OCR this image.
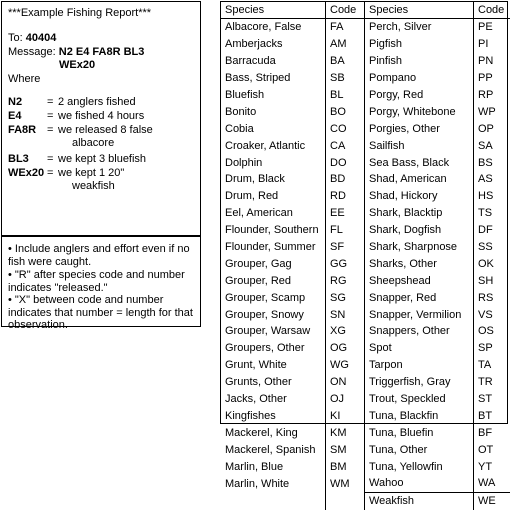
***Example Fishing Report***
To: 40404
Message: N2 E4 FA8R BL3
WEx20
Where
N2 = 2 anglers fished
E4 = we fished 4 hours
FA8R = we released 8 false
albacore
BL3 = we kept 3 bluefish
WEx20 = we kept 1 20"
weakfish
• Include anglers and effort even if no fish were caught.
• "R" after species code and number indicates "released."
• "X" between code and number indicates that number = length for that observation.
Species	Code	Species	Code
Albacore, False	FA	Perch, Silver	PE
Amberjacks	AM	Pigfish	PI
Barracuda	BA	Pinfish	PN
Bass, Striped	SB	Pompano	PP
Bluefish	BL	Porgy, Red	RP
Bonito	BO	Porgy, Whitebone	WP
Cobia	CO	Porgies, Other	OP
Croaker, Atlantic	CA	Sailfish	SA
Dolphin	DO	Sea Bass, Black	BS
Drum, Black	BD	Shad, American	AS
Drum, Red	RD	Shad, Hickory	HS
Eel, American	EE	Shark, Blacktip	TS
Flounder, Southern	FL	Shark, Dogfish	DF
Flounder, Summer	SF	Shark, Sharpnose	SS
Grouper, Gag	GG	Sharks, Other	OK
Grouper, Red	RG	Sheepshead	SH
Grouper, Scamp	SG	Snapper, Red	RS
Grouper, Snowy	SN	Snapper, Vermilion	VS
Grouper, Warsaw	XG	Snappers, Other	OS
Groupers, Other	OG	Spot	SP
Grunt, White	WG	Tarpon	TA
Grunts, Other	ON	Triggerfish, Gray	TR
Jacks, Other	OJ	Trout, Speckled	ST
Kingfishes	KI	Tuna, Blackfin	BT
Mackerel, King	KM	Tuna, Bluefin	BF
Mackerel, Spanish	SM	Tuna, Other	OT
Marlin, Blue	BM	Tuna, Yellowfin	YT
Marlin, White	WM	Wahoo	WA
		Weakfish	WE
